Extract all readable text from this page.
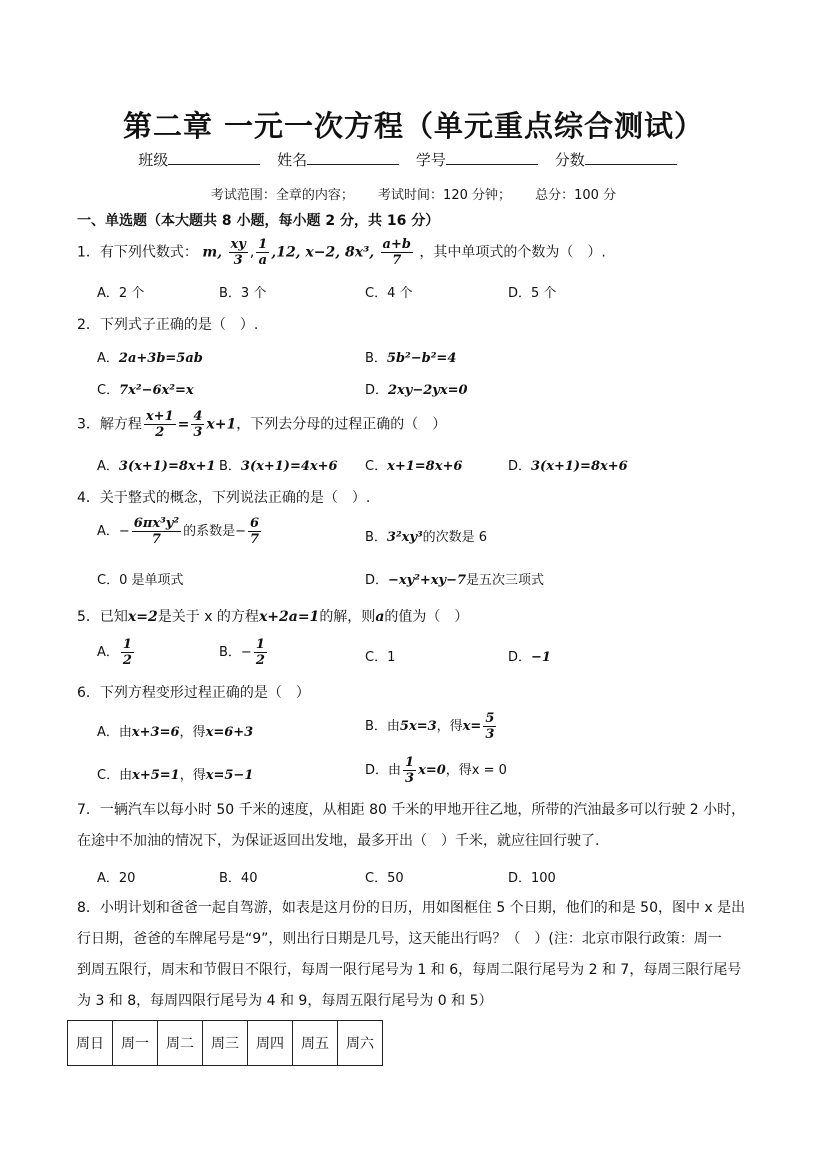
第二章 一元一次方程（单元重点综合测试）
班级	姓名	学号	分数
考试范围：全章的内容； 考试时间：120 分钟； 总分：100 分
一、单选题（本大题共 8 小题，每小题 2 分，共 16 分）
1．有下列代数式： m, $\frac{xy}{3}$ , $\frac{1}{a} ,12$, x−2, 8x³, $\frac{a+b}{7}$ ，其中单项式的个数为（　）.
A．2 个	B．3 个	C．4 个	D．5 个
2．下列式子正确的是（　）.
A．2a+3b=5ab	B．5b²−b²=4
C．7x²−6x²=x	D．2xy−2yx=0
3．解方程 $\frac{x+1}{2} = \frac{4}{3} x+1$，下列去分母的过程正确的（　）
A．3(x+1)=8x+1 B．3(x+1)=4x+6 C．x+1=8x+6	D．3(x+1)=8x+6
4．关于整式的概念，下列说法正确的是（　）.
A．− $\frac{\text{6πx³y²}}{7}$ 的系数是− $\frac{6}{7}$	B．3²xy³的次数是 6
C．0 是单项式	D．−xy²+xy−7是五次三项式
5．已知x=2是关于 x 的方程x+2a=1的解，则a的值为（　）
A． $\frac{1}{2}$	B．− $\frac{1}{2}$	C．1	D．−1
6．下列方程变形过程正确的是（　）
A．由x+3=6，得x=6+3	B．由5x=3，得$x= \frac{5}{3}$
C．由x+5=1，得x=5−1	D．由 $\frac{1}{3} x=0$，得x = 0
7．一辆汽车以每小时 50 千米的速度，从相距 80 千米的甲地开往乙地，所带的汽油最多可以行驶 2 小时，
在途中不加油的情况下，为保证返回出发地，最多开出（　）千米，就应往回行驶了.
A．20	B．40	C．50	D．100
8．小明计划和爸爸一起自驾游，如表是这月份的日历，用如图框住 5 个日期，他们的和是 50，图中 x 是出
行日期，爸爸的车牌尾号是“9”，则出行日期是几号，这天能出行吗？（　）(注：北京市限行政策：周一
到周五限行，周末和节假日不限行，每周一限行尾号为 1 和 6，每周二限行尾号为 2 和 7，每周三限行尾号
为 3 和 8，每周四限行尾号为 4 和 9，每周五限行尾号为 0 和 5）
周日	周一	周二	周三	周四	周五	周六
